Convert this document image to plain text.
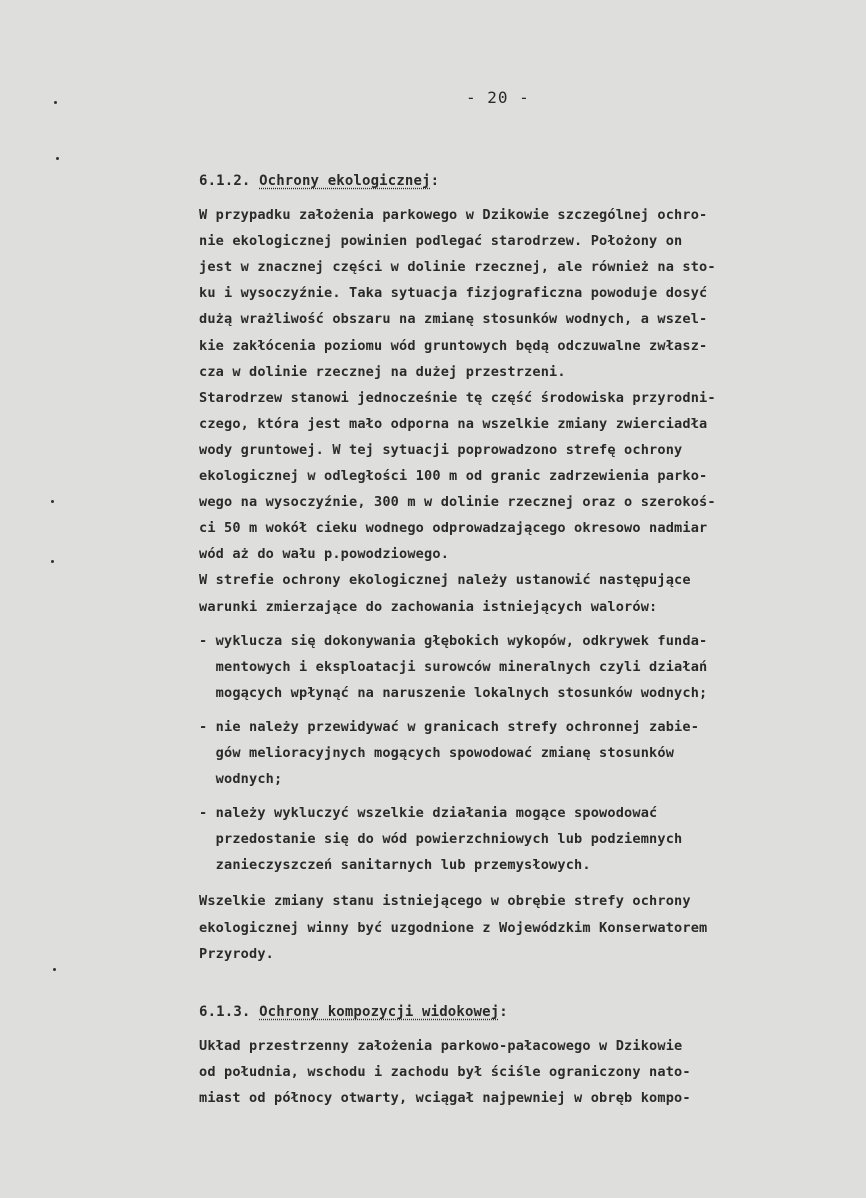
- 20 -
6.1.2. Ochrony ekologicznej:
W przypadku założenia parkowego w Dzikowie szczególnej ochro-
nie ekologicznej powinien podlegać starodrzew. Położony on
jest w znacznej części w dolinie rzecznej, ale również na sto-
ku i wysoczyźnie. Taka sytuacja fizjograficzna powoduje dosyć
dużą wrażliwość obszaru na zmianę stosunków wodnych, a wszel-
kie zakłócenia poziomu wód gruntowych będą odczuwalne zwłasz-
cza w dolinie rzecznej na dużej przestrzeni.
Starodrzew stanowi jednocześnie tę część środowiska przyrodni-
czego, która jest mało odporna na wszelkie zmiany zwierciadła
wody gruntowej. W tej sytuacji poprowadzono strefę ochrony
ekologicznej w odległości 100 m od granic zadrzewienia parko-
wego na wysoczyźnie, 300 m w dolinie rzecznej oraz o szerokoś-
ci 50 m wokół cieku wodnego odprowadzającego okresowo nadmiar
wód aż do wału p.powodziowego.
W strefie ochrony ekologicznej należy ustanowić następujące
warunki zmierzające do zachowania istniejących walorów:
- wyklucza się dokonywania głębokich wykopów, odkrywek funda-
mentowych i eksploatacji surowców mineralnych czyli działań
mogących wpłynąć na naruszenie lokalnych stosunków wodnych;
- nie należy przewidywać w granicach strefy ochronnej zabie-
gów melioracyjnych mogących spowodować zmianę stosunków
wodnych;
- należy wykluczyć wszelkie działania mogące spowodować
przedostanie się do wód powierzchniowych lub podziemnych
zanieczyszczeń sanitarnych lub przemysłowych.
Wszelkie zmiany stanu istniejącego w obrębie strefy ochrony
ekologicznej winny być uzgodnione z Wojewódzkim Konserwatorem
Przyrody.
6.1.3. Ochrony kompozycji widokowej:
Układ przestrzenny założenia parkowo-pałacowego w Dzikowie
od południa, wschodu i zachodu był ściśle ograniczony nato-
miast od północy otwarty, wciągał najpewniej w obręb kompo-
